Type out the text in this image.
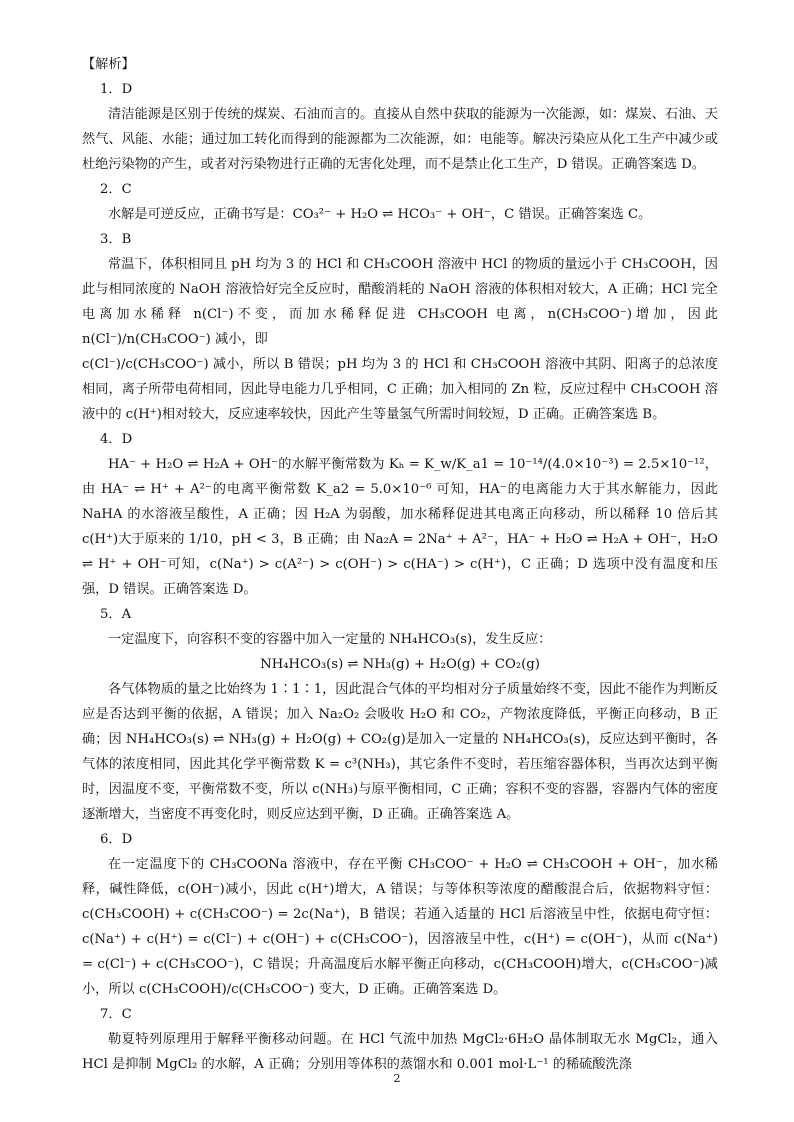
【解析】
1．D
清洁能源是区别于传统的煤炭、石油而言的。直接从自然中获取的能源为一次能源，如：煤炭、石油、天然气、风能、水能；通过加工转化而得到的能源都为二次能源，如：电能等。解决污染应从化工生产中减少或杜绝污染物的产生，或者对污染物进行正确的无害化处理，而不是禁止化工生产，D 错误。正确答案选 D。
2．C
水解是可逆反应，正确书写是：CO₃²⁻ + H₂O ⇌ HCO₃⁻ + OH⁻，C 错误。正确答案选 C。
3．B
常温下，体积相同且 pH 均为 3 的 HCl 和 CH₃COOH 溶液中 HCl 的物质的量远小于 CH₃COOH，因此与相同浓度的 NaOH 溶液恰好完全反应时，醋酸消耗的 NaOH 溶液的体积相对较大，A 正确；HCl 完全电离加水稀释 n(Cl⁻)不变，而加水稀释促进 CH₃COOH 电离，n(CH₃COO⁻)增加，因此 n(Cl⁻)/n(CH₃COO⁻) 减小，即
c(Cl⁻)/c(CH₃COO⁻) 减小，所以 B 错误；pH 均为 3 的 HCl 和 CH₃COOH 溶液中其阴、阳离子的总浓度相同，离子所带电荷相同，因此导电能力几乎相同，C 正确；加入相同的 Zn 粒，反应过程中 CH₃COOH 溶液中的 c(H⁺)相对较大，反应速率较快，因此产生等量氢气所需时间较短，D 正确。正确答案选 B。
4．D
HA⁻ + H₂O ⇌ H₂A + OH⁻的水解平衡常数为 Kₕ = K_w/K_a1 = 10⁻¹⁴/(4.0×10⁻³) = 2.5×10⁻¹²，由 HA⁻ ⇌ H⁺ + A²⁻的电离平衡常数 K_a2 = 5.0×10⁻⁶ 可知，HA⁻的电离能力大于其水解能力，因此 NaHA 的水溶液呈酸性，A 正确；因 H₂A 为弱酸，加水稀释促进其电离正向移动，所以稀释 10 倍后其 c(H⁺)大于原来的 1/10，pH < 3，B 正确；由 Na₂A = 2Na⁺ + A²⁻，HA⁻ + H₂O ⇌ H₂A + OH⁻，H₂O ⇌ H⁺ + OH⁻可知，c(Na⁺) > c(A²⁻) > c(OH⁻) > c(HA⁻) > c(H⁺)，C 正确；D 选项中没有温度和压强，D 错误。正确答案选 D。
5．A
一定温度下，向容积不变的容器中加入一定量的 NH₄HCO₃(s)，发生反应：
NH₄HCO₃(s) ⇌ NH₃(g) + H₂O(g) + CO₂(g)
各气体物质的量之比始终为 1∶1∶1，因此混合气体的平均相对分子质量始终不变，因此不能作为判断反应是否达到平衡的依据，A 错误；加入 Na₂O₂ 会吸收 H₂O 和 CO₂，产物浓度降低，平衡正向移动，B 正确；因 NH₄HCO₃(s) ⇌ NH₃(g) + H₂O(g) + CO₂(g)是加入一定量的 NH₄HCO₃(s)，反应达到平衡时，各气体的浓度相同，因此其化学平衡常数 K = c³(NH₃)，其它条件不变时，若压缩容器体积，当再次达到平衡时，因温度不变，平衡常数不变，所以 c(NH₃)与原平衡相同，C 正确；容积不变的容器，容器内气体的密度逐渐增大，当密度不再变化时，则反应达到平衡，D 正确。正确答案选 A。
6．D
在一定温度下的 CH₃COONa 溶液中，存在平衡 CH₃COO⁻ + H₂O ⇌ CH₃COOH + OH⁻，加水稀释，碱性降低，c(OH⁻)减小，因此 c(H⁺)增大，A 错误；与等体积等浓度的醋酸混合后，依据物料守恒：c(CH₃COOH) + c(CH₃COO⁻) = 2c(Na⁺)，B 错误；若通入适量的 HCl 后溶液呈中性，依据电荷守恒：c(Na⁺) + c(H⁺) = c(Cl⁻) + c(OH⁻) + c(CH₃COO⁻)，因溶液呈中性，c(H⁺) = c(OH⁻)，从而 c(Na⁺) = c(Cl⁻) + c(CH₃COO⁻)，C 错误；升高温度后水解平衡正向移动，c(CH₃COOH)增大，c(CH₃COO⁻)减小，所以 c(CH₃COOH)/c(CH₃COO⁻) 变大，D 正确。正确答案选 D。
7．C
勒夏特列原理用于解释平衡移动问题。在 HCl 气流中加热 MgCl₂·6H₂O 晶体制取无水 MgCl₂，通入 HCl 是抑制 MgCl₂ 的水解，A 正确；分别用等体积的蒸馏水和 0.001 mol·L⁻¹ 的稀硫酸洗涤
2
